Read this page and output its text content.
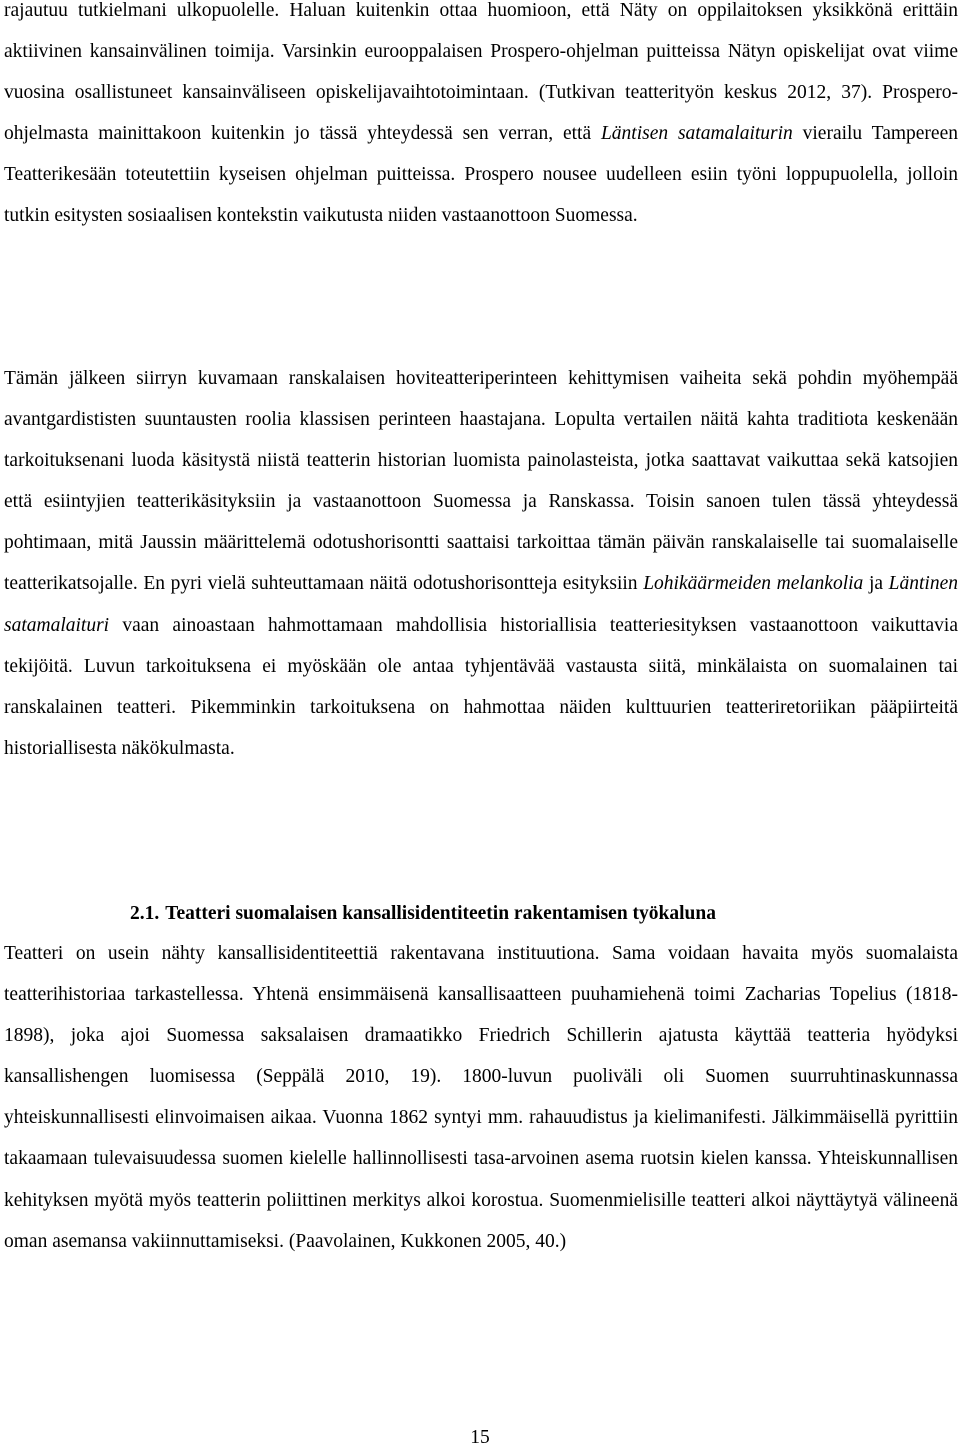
rajautuu tutkielmani ulkopuolelle. Haluan kuitenkin ottaa huomioon, että Näty on oppilaitoksen yksikkönä erittäin aktiivinen kansainvälinen toimija. Varsinkin eurooppalaisen Prospero-ohjelman puitteissa Nätyn opiskelijat ovat viime vuosina osallistuneet kansainväliseen opiskelijavaihtotoimintaan. (Tutkivan teatterityön keskus 2012, 37). Prospero-ohjelmasta mainittakoon kuitenkin jo tässä yhteydessä sen verran, että Läntisen satamalaiturin vierailu Tampereen Teatterikesään toteutettiin kyseisen ohjelman puitteissa. Prospero nousee uudelleen esiin työni loppupuolella, jolloin tutkin esitysten sosiaalisen kontekstin vaikutusta niiden vastaanottoon Suomessa.

Tämän jälkeen siirryn kuvamaan ranskalaisen hoviteatteriperinteen kehittymisen vaiheita sekä pohdin myöhempää avantgardististen suuntausten roolia klassisen perinteen haastajana. Lopulta vertailen näitä kahta traditiota keskenään tarkoituksenani luoda käsitystä niistä teatterin historian luomista painolasteista, jotka saattavat vaikuttaa sekä katsojien että esiintyjien teatterikäsityksiin ja vastaanottoon Suomessa ja Ranskassa. Toisin sanoen tulen tässä yhteydessä pohtimaan, mitä Jaussin määrittelemä odotushorisontti saattaisi tarkoittaa tämän päivän ranskalaiselle tai suomalaiselle teatterikatsojalle. En pyri vielä suhteuttamaan näitä odotushorisontteja esityksiin Lohikäärmeiden melankolia ja Läntinen satamalaituri vaan ainoastaan hahmottamaan mahdollisia historiallisia teatteriesityksen vastaanottoon vaikuttavia tekijöitä. Luvun tarkoituksena ei myöskään ole antaa tyhjentävää vastausta siitä, minkälaista on suomalainen tai ranskalainen teatteri. Pikemminkin tarkoituksena on hahmottaa näiden kulttuurien teatteriretoriikan pääpiirteitä historiallisesta näkökulmasta.

2.1. Teatteri suomalaisen kansallisidentiteetin rakentamisen työkaluna

Teatteri on usein nähty kansallisidentiteettiä rakentavana instituutiona. Sama voidaan havaita myös suomalaista teatterihistoriaa tarkastellessa. Yhtenä ensimmäisenä kansallisaatteen puuhamiehenä toimi Zacharias Topelius (1818-1898), joka ajoi Suomessa saksalaisen dramaatikko Friedrich Schillerin ajatusta käyttää teatteria hyödyksi kansallishengen luomisessa (Seppälä 2010, 19). 1800-luvun puoliväli oli Suomen suurruhtinaskunnassa yhteiskunnallisesti elinvoimaisen aikaa. Vuonna 1862 syntyi mm. rahauudistus ja kielimanifesti. Jälkimmäisellä pyrittiin takaamaan tulevaisuudessa suomen kielelle hallinnollisesti tasa-arvoinen asema ruotsin kielen kanssa. Yhteiskunnallisen kehityksen myötä myös teatterin poliittinen merkitys alkoi korostua. Suomenmielisille teatteri alkoi näyttäytyä välineenä oman asemansa vakiinnuttamiseksi. (Paavolainen, Kukkonen 2005, 40.)

15
